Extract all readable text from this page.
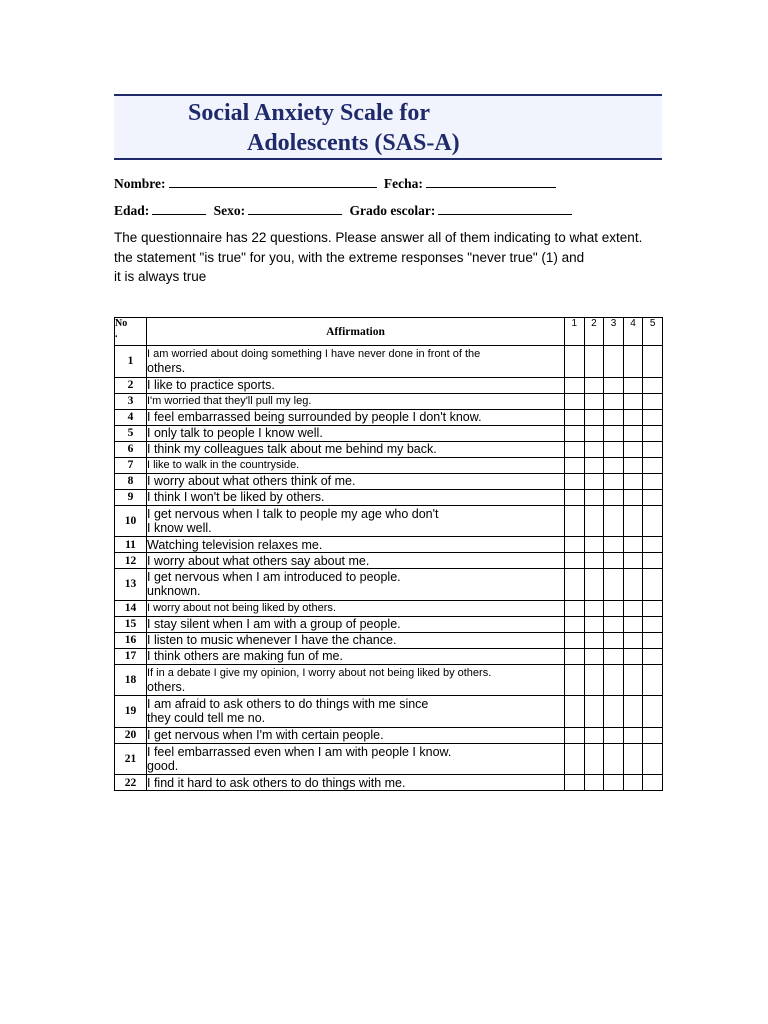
Social Anxiety Scale for
Adolescents (SAS-A)
Nombre:	Fecha:
Edad:	Sexo:	Grado escolar:
The questionnaire has 22 questions. Please answer all of them indicating to what extent.
the statement "is true" for you, with the extreme responses "never true" (1) and
it is always true
No
.	Affirmation	1	2	3	4	5
1	I am worried about doing something I have never done in front of the
others.					
2	I like to practice sports.					
3	I'm worried that they'll pull my leg.					

4	I feel embarrassed being surrounded by people I don't know.					
5	I only talk to people I know well.					
6	I think my colleagues talk about me behind my back.					
7	I like to walk in the countryside.					

8	I worry about what others think of me.					
9	I think I won't be liked by others.					
10	I get nervous when I talk to people my age who don't
I know well.					
11	Watching television relaxes me.					
12	I worry about what others say about me.					
13	I get nervous when I am introduced to people.
unknown.					
14	I worry about not being liked by others.					

15	I stay silent when I am with a group of people.					
16	I listen to music whenever I have the chance.					
17	I think others are making fun of me.					
18	If in a debate I give my opinion, I worry about not being liked by others.
others.					
19	I am afraid to ask others to do things with me since
they could tell me no.					
20	I get nervous when I'm with certain people.					
21	I feel embarrassed even when I am with people I know.
good.					
22	I find it hard to ask others to do things with me.					
